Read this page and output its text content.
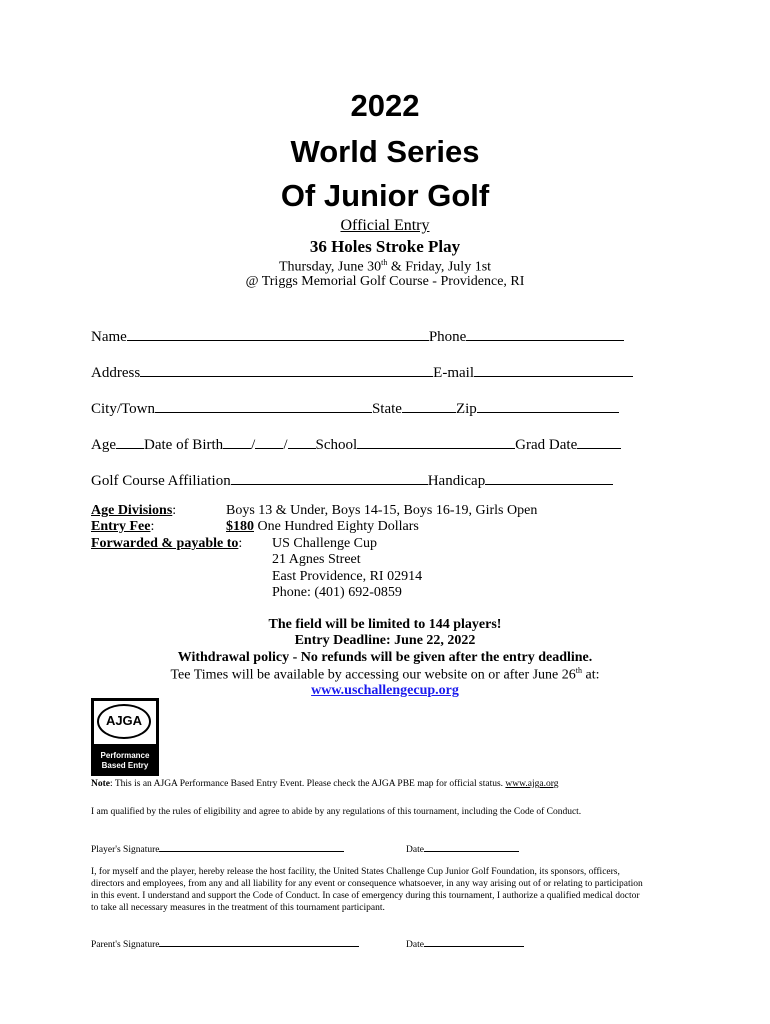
2022
World Series
Of Junior Golf
Official Entry
36 Holes Stroke Play
Thursday, June 30th & Friday, July 1st
@ Triggs Memorial Golf Course - Providence, RI
Name	Phone
Address	E-mail
City/Town	State	Zip
Age Date of Birth / / School	Grad Date
Golf Course Affiliation	Handicap
Age Divisions:	Boys 13 & Under, Boys 14-15, Boys 16-19, Girls Open
Entry Fee:	$180 One Hundred Eighty Dollars
Forwarded & payable to: US Challenge Cup
21 Agnes Street
East Providence, RI 02914
Phone: (401) 692-0859
The field will be limited to 144 players!
Entry Deadline: June 22, 2022
Withdrawal policy - No refunds will be given after the entry deadline.
Tee Times will be available by accessing our website on or after June 26th at:
www.uschallengecup.org
AJGA
Performance
Based Entry
Note: This is an AJGA Performance Based Entry Event. Please check the AJGA PBE map for official status. www.ajga.org
I am qualified by the rules of eligibility and agree to abide by any regulations of this tournament, including the Code of Conduct.
Player's Signature	Date
I, for myself and the player, hereby release the host facility, the United States Challenge Cup Junior Golf Foundation, its sponsors, officers,
directors and employees, from any and all liability for any event or consequence whatsoever, in any way arising out of or relating to participation
in this event. I understand and support the Code of Conduct. In case of emergency during this tournament, I authorize a qualified medical doctor
to take all necessary measures in the treatment of this tournament participant.
Parent's Signature	Date
